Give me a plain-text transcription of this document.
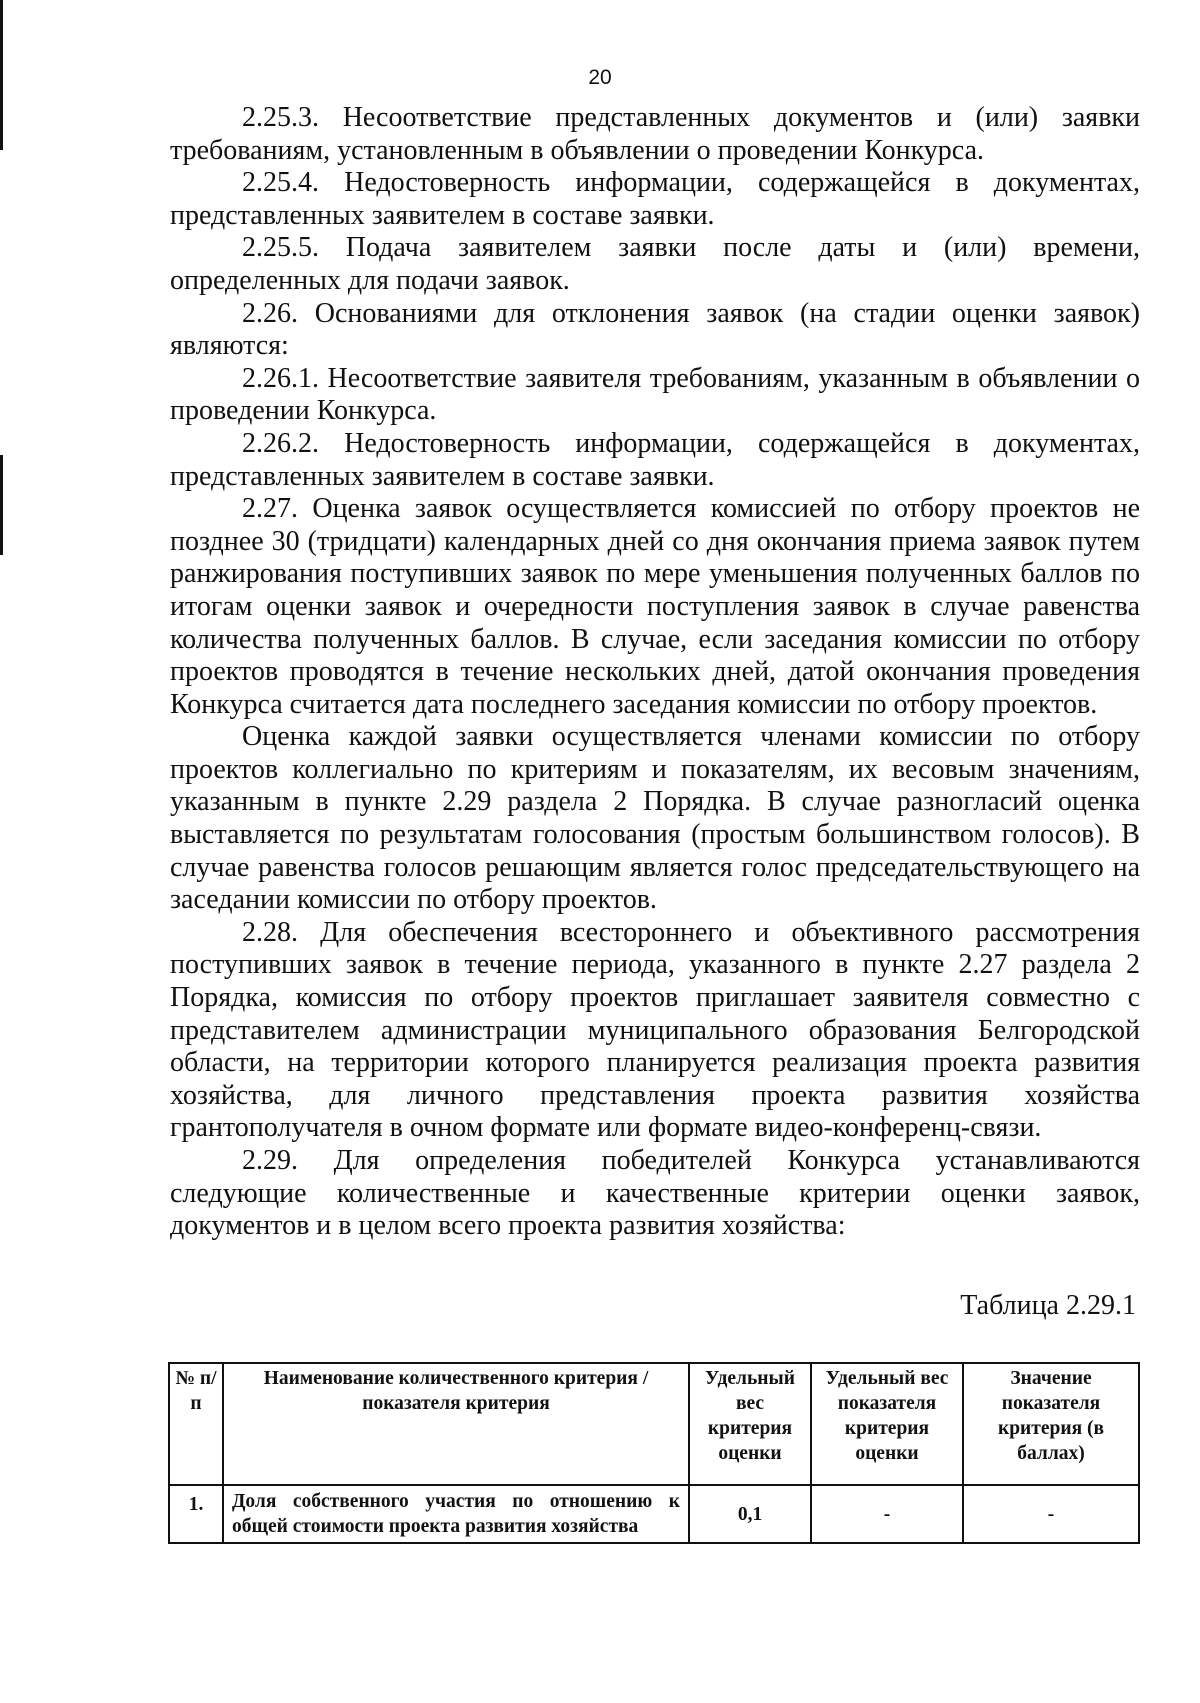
20

2.25.3. Несоответствие представленных документов и (или) заявки требованиям, установленным в объявлении о проведении Конкурса.

2.25.4. Недостоверность информации, содержащейся в документах, представленных заявителем в составе заявки.

2.25.5. Подача заявителем заявки после даты и (или) времени, определенных для подачи заявок.

2.26. Основаниями для отклонения заявок (на стадии оценки заявок) являются:

2.26.1. Несоответствие заявителя требованиям, указанным в объявлении о проведении Конкурса.

2.26.2. Недостоверность информации, содержащейся в документах, представленных заявителем в составе заявки.

2.27. Оценка заявок осуществляется комиссией по отбору проектов не позднее 30 (тридцати) календарных дней со дня окончания приема заявок путем ранжирования поступивших заявок по мере уменьшения полученных баллов по итогам оценки заявок и очередности поступления заявок в случае равенства количества полученных баллов. В случае, если заседания комиссии по отбору проектов проводятся в течение нескольких дней, датой окончания проведения Конкурса считается дата последнего заседания комиссии по отбору проектов.

Оценка каждой заявки осуществляется членами комиссии по отбору проектов коллегиально по критериям и показателям, их весовым значениям, указанным в пункте 2.29 раздела 2 Порядка. В случае разногласий оценка выставляется по результатам голосования (простым большинством голосов). В случае равенства голосов решающим является голос председательствующего на заседании комиссии по отбору проектов.

2.28. Для обеспечения всестороннего и объективного рассмотрения поступивших заявок в течение периода, указанного в пункте 2.27 раздела 2 Порядка, комиссия по отбору проектов приглашает заявителя совместно с представителем администрации муниципального образования Белгородской области, на территории которого планируется реализация проекта развития хозяйства, для личного представления проекта развития хозяйства грантополучателя в очном формате или формате видео-конференц-связи.

2.29. Для определения победителей Конкурса устанавливаются следующие количественные и качественные критерии оценки заявок, документов и в целом всего проекта развития хозяйства:

Таблица 2.29.1
№ п/п	Наименование количественного критерия / показателя критерия	Удельный вес критерия оценки	Удельный вес показателя критерия оценки	Значение показателя критерия (в баллах)
1.	Доля собственного участия по отношению к общей стоимости проекта развития хозяйства	0,1	-	-
